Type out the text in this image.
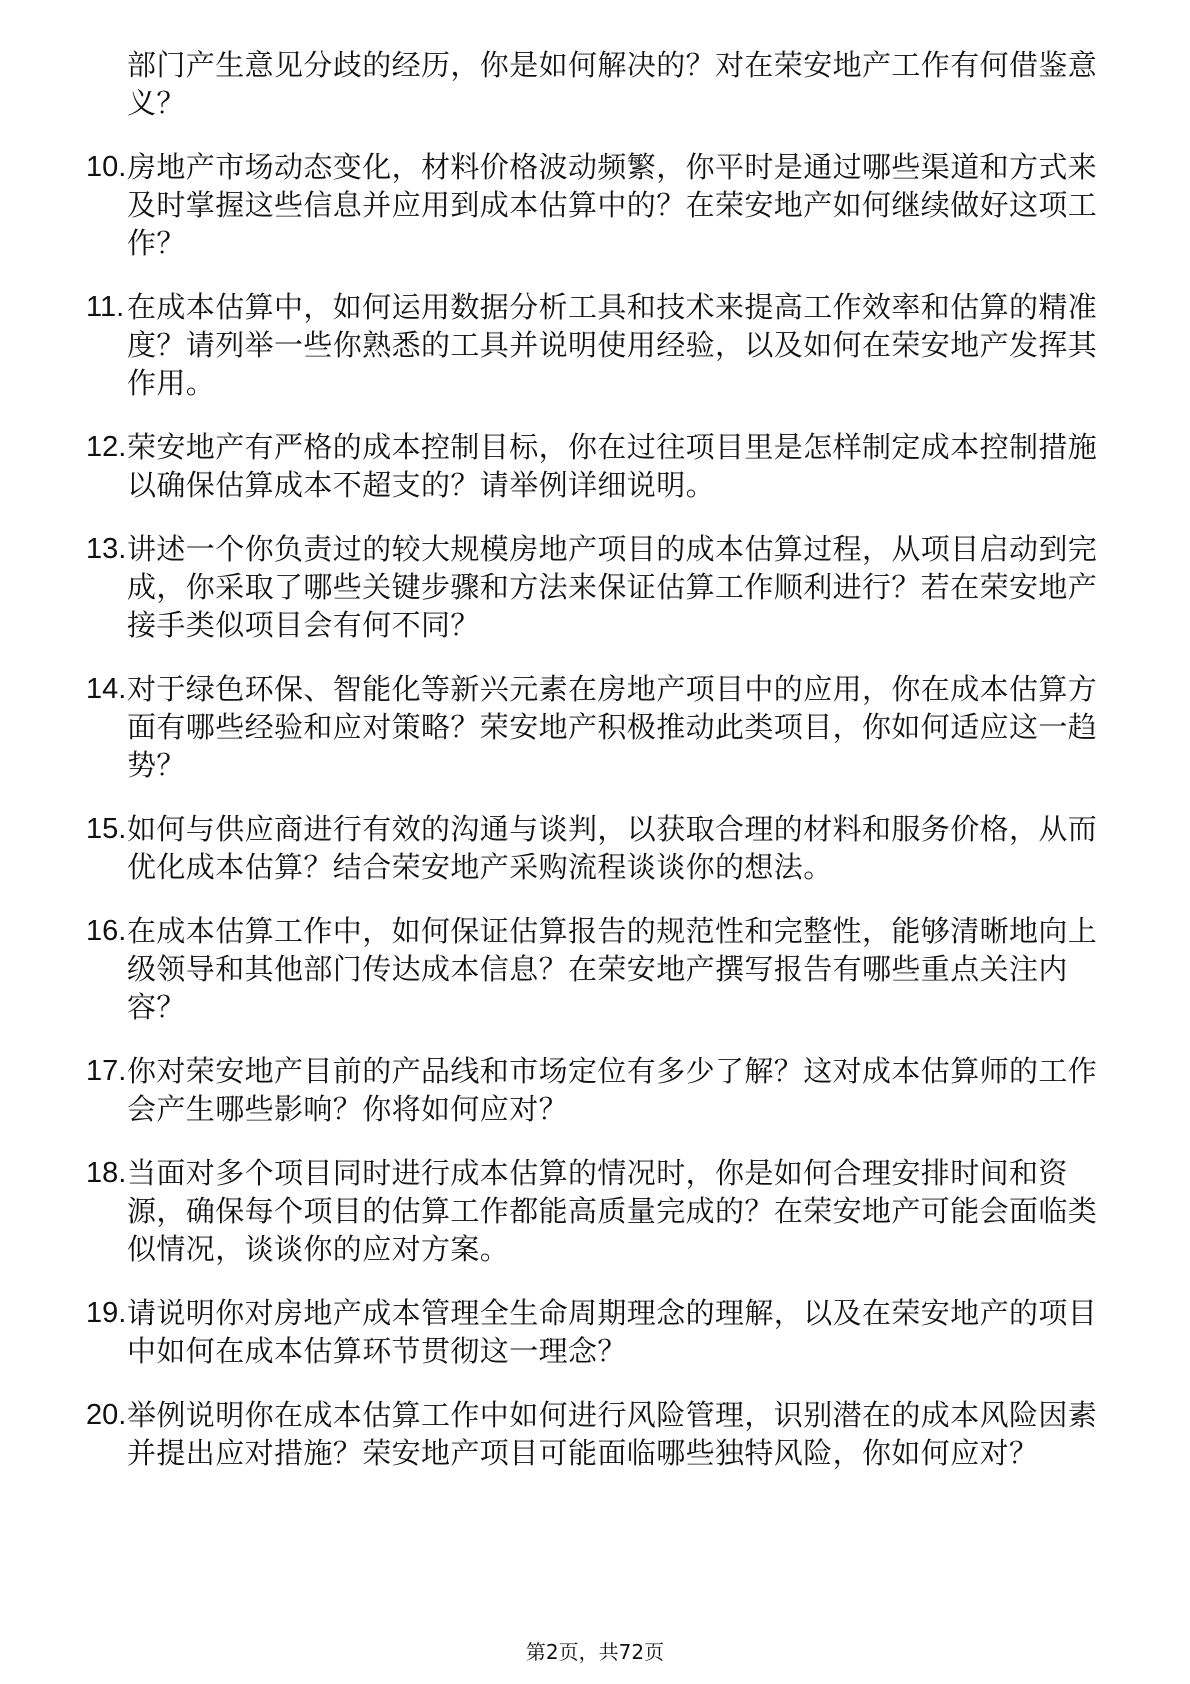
部门产生意见分歧的经历，你是如何解决的？对在荣安地产工作有何借鉴意义？
10. 房地产市场动态变化，材料价格波动频繁，你平时是通过哪些渠道和方式来及时掌握这些信息并应用到成本估算中的？在荣安地产如何继续做好这项工作？
11. 在成本估算中，如何运用数据分析工具和技术来提高工作效率和估算的精准度？请列举一些你熟悉的工具并说明使用经验，以及如何在荣安地产发挥其作用。
12. 荣安地产有严格的成本控制目标，你在过往项目里是怎样制定成本控制措施以确保估算成本不超支的？请举例详细说明。
13. 讲述一个你负责过的较大规模房地产项目的成本估算过程，从项目启动到完成，你采取了哪些关键步骤和方法来保证估算工作顺利进行？若在荣安地产接手类似项目会有何不同？
14. 对于绿色环保、智能化等新兴元素在房地产项目中的应用，你在成本估算方面有哪些经验和应对策略？荣安地产积极推动此类项目，你如何适应这一趋势？
15. 如何与供应商进行有效的沟通与谈判，以获取合理的材料和服务价格，从而优化成本估算？结合荣安地产采购流程谈谈你的想法。
16. 在成本估算工作中，如何保证估算报告的规范性和完整性，能够清晰地向上级领导和其他部门传达成本信息？在荣安地产撰写报告有哪些重点关注内容？
17. 你对荣安地产目前的产品线和市场定位有多少了解？这对成本估算师的工作会产生哪些影响？你将如何应对？
18. 当面对多个项目同时进行成本估算的情况时，你是如何合理安排时间和资源，确保每个项目的估算工作都能高质量完成的？在荣安地产可能会面临类似情况，谈谈你的应对方案。
19. 请说明你对房地产成本管理全生命周期理念的理解，以及在荣安地产的项目中如何在成本估算环节贯彻这一理念？
20. 举例说明你在成本估算工作中如何进行风险管理，识别潜在的成本风险因素并提出应对措施？荣安地产项目可能面临哪些独特风险，你如何应对？
第2页，共72页
